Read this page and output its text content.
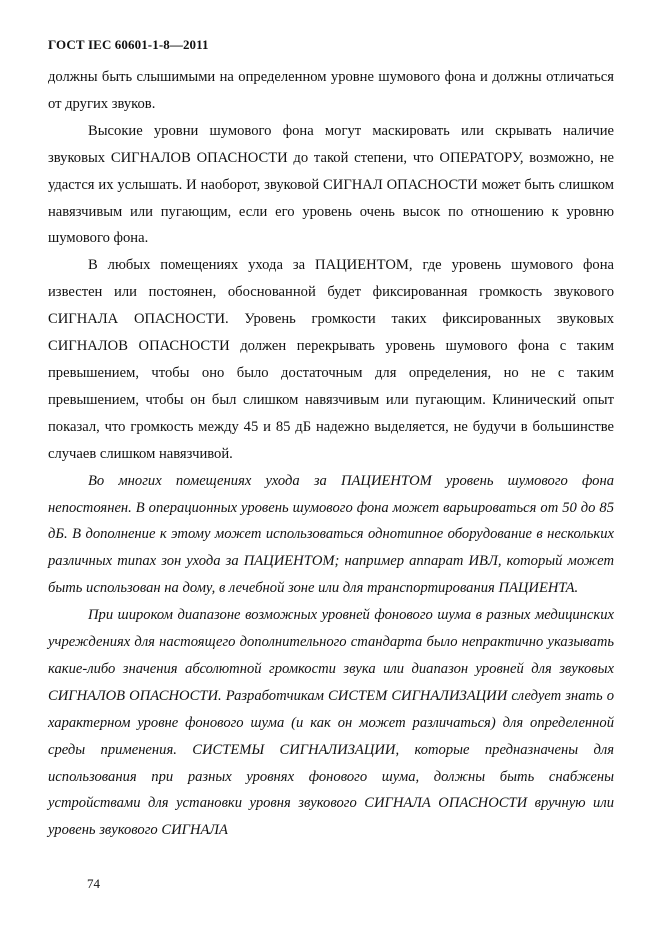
ГОСТ IEC 60601-1-8—2011

должны быть слышимыми на определенном уровне шумового фона и должны отличаться от других звуков.

Высокие уровни шумового фона могут маскировать или скрывать наличие звуковых СИГНАЛОВ ОПАСНОСТИ до такой степени, что ОПЕРАТОРУ, возможно, не удастся их услышать. И наоборот, звуковой СИГНАЛ ОПАСНОСТИ может быть слишком навязчивым или пугающим, если его уровень очень высок по отношению к уровню шумового фона.

В любых помещениях ухода за ПАЦИЕНТОМ, где уровень шумового фона известен или постоянен, обоснованной будет фиксированная громкость звукового СИГНАЛА ОПАСНОСТИ. Уровень громкости таких фиксированных звуковых СИГНАЛОВ ОПАСНОСТИ должен перекрывать уровень шумового фона с таким превышением, чтобы оно было достаточным для определения, но не с таким превышением, чтобы он был слишком навязчивым или пугающим. Клинический опыт показал, что громкость между 45 и 85 дБ надежно выделяется, не будучи в большинстве случаев слишком навязчивой.

Во многих помещениях ухода за ПАЦИЕНТОМ уровень шумового фона непостоянен. В операционных уровень шумового фона может варьироваться от 50 до 85 дБ. В дополнение к этому может использоваться однотипное оборудование в нескольких различных типах зон ухода за ПАЦИЕНТОМ; например аппарат ИВЛ, который может быть использован на дому, в лечебной зоне или для транспортирования ПАЦИЕНТА.

При широком диапазоне возможных уровней фонового шума в разных медицинских учреждениях для настоящего дополнительного стандарта было непрактично указывать какие-либо значения абсолютной громкости звука или диапазон уровней для звуковых СИГНАЛОВ ОПАСНОСТИ. Разработчикам СИСТЕМ СИГНАЛИЗАЦИИ следует знать о характерном уровне фонового шума (и как он может различаться) для определенной среды применения. СИСТЕМЫ СИГНАЛИЗАЦИИ, которые предназначены для использования при разных уровнях фонового шума, должны быть снабжены устройствами для установки уровня звукового СИГНАЛА ОПАСНОСТИ вручную или уровень звукового СИГНАЛА

74
